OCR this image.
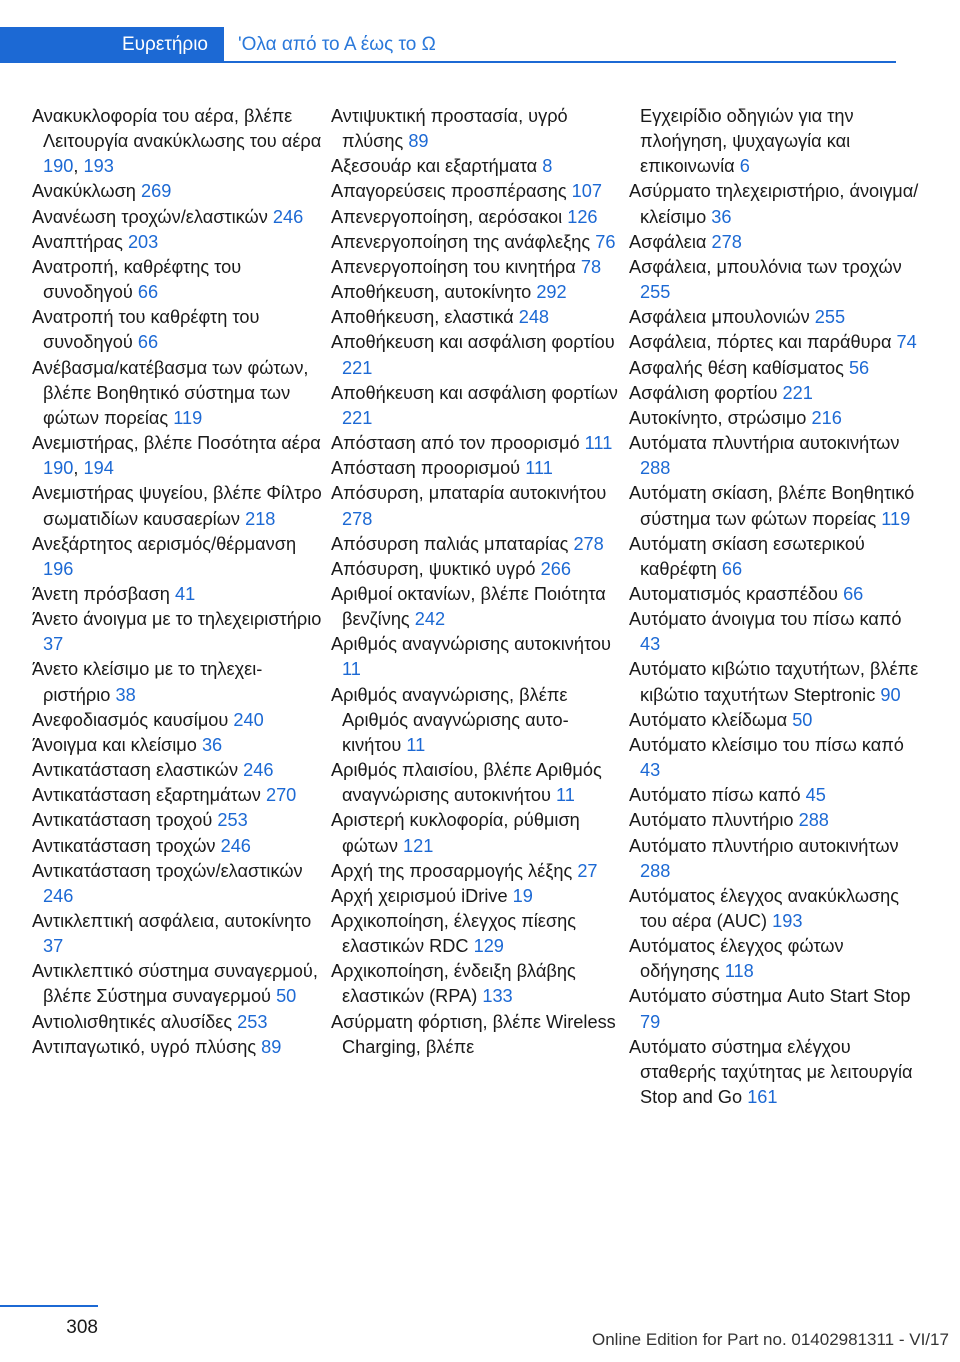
Ευρετήριο	'Ολα από το Α έως το Ω
Ανακυκλοφορία του αέρα, βλέπε Λειτουργία ανακύκλωσης του αέρα 190, 193
Ανακύκλωση 269
Ανανέωση τροχών/ελαστικών 246
Αναπτήρας 203
Ανατροπή, καθρέφτης του συνοδηγού 66
Ανατροπή του καθρέφτη του συνοδηγού 66
Ανέβασμα/κατέβασμα των φώτων, βλέπε Βοηθητικό σύστημα των φώτων πορείας 119
Ανεμιστήρας, βλέπε Ποσότητα αέρα 190, 194
Ανεμιστήρας ψυγείου, βλέπε Φίλτρο σωματιδίων καυσαερίων 218
Ανεξάρτητος αερισμός/θέρμανση 196
Άνετη πρόσβαση 41
Άνετο άνοιγμα με το τηλεχειριστήριο 37
Άνετο κλείσιμο με το τηλεχειριστήριο 38
Ανεφοδιασμός καυσίμου 240
Άνοιγμα και κλείσιμο 36
Αντικατάσταση ελαστικών 246
Αντικατάσταση εξαρτημάτων 270
Αντικατάσταση τροχού 253
Αντικατάσταση τροχών 246
Αντικατάσταση τροχών/ελαστικών 246
Αντικλεπτική ασφάλεια, αυτοκίνητο 37
Αντικλεπτικό σύστημα συναγερμού, βλέπε Σύστημα συναγερμού 50
Αντιολισθητικές αλυσίδες 253
Αντιπαγωτικό, υγρό πλύσης 89
Αντιψυκτική προστασία, υγρό πλύσης 89
Αξεσουάρ και εξαρτήματα 8
Απαγορεύσεις προσπέρασης 107
Απενεργοποίηση, αερόσακοι 126
Απενεργοποίηση της ανάφλεξης 76
Απενεργοποίηση του κινητήρα 78
Αποθήκευση, αυτοκίνητο 292
Αποθήκευση, ελαστικά 248
Αποθήκευση και ασφάλιση φορτίου 221
Αποθήκευση και ασφάλιση φορτίων 221
Απόσταση από τον προορισμό 111
Απόσταση προορισμού 111
Απόσυρση, μπαταρία αυτοκινήτου 278
Απόσυρση παλιάς μπαταρίας 278
Απόσυρση, ψυκτικό υγρό 266
Αριθμοί οκτανίων, βλέπε Ποιότητα βενζίνης 242
Αριθμός αναγνώρισης αυτοκινήτου 11
Αριθμός αναγνώρισης, βλέπε Αριθμός αναγνώρισης αυτοκινήτου 11
Αριθμός πλαισίου, βλέπε Αριθμός αναγνώρισης αυτοκινήτου 11
Αριστερή κυκλοφορία, ρύθμιση φώτων 121
Αρχή της προσαρμογής λέξης 27
Αρχή χειρισμού iDrive 19
Αρχικοποίηση, έλεγχος πίεσης ελαστικών RDC 129
Αρχικοποίηση, ένδειξη βλάβης ελαστικών (RPA) 133
Ασύρματη φόρτιση, βλέπε Wireless Charging, βλέπε
Εγχειρίδιο οδηγιών για την πλοήγηση, ψυχαγωγία και επικοινωνία 6
Ασύρματο τηλεχειριστήριο, άνοιγμα/κλείσιμο 36
Ασφάλεια 278
Ασφάλεια, μπουλόνια των τροχών 255
Ασφάλεια μπουλονιών 255
Ασφάλεια, πόρτες και παράθυρα 74
Ασφαλής θέση καθίσματος 56
Ασφάλιση φορτίου 221
Αυτοκίνητο, στρώσιμο 216
Αυτόματα πλυντήρια αυτοκινήτων 288
Αυτόματη σκίαση, βλέπε Βοηθητικό σύστημα των φώτων πορείας 119
Αυτόματη σκίαση εσωτερικού καθρέφτη 66
Αυτοματισμός κρασπέδου 66
Αυτόματο άνοιγμα του πίσω καπό 43
Αυτόματο κιβώτιο ταχυτήτων, βλέπε κιβώτιο ταχυτήτων Steptronic 90
Αυτόματο κλείδωμα 50
Αυτόματο κλείσιμο του πίσω καπό 43
Αυτόματο πίσω καπό 45
Αυτόματο πλυντήριο 288
Αυτόματο πλυντήριο αυτοκινήτων 288
Αυτόματος έλεγχος ανακύκλωσης του αέρα (AUC) 193
Αυτόματος έλεγχος φώτων οδήγησης 118
Αυτόματο σύστημα Auto Start Stop 79
Αυτόματο σύστημα ελέγχου σταθερής ταχύτητας με λειτουργία Stop and Go 161
308
Online Edition for Part no. 01402981311 - VI/17
